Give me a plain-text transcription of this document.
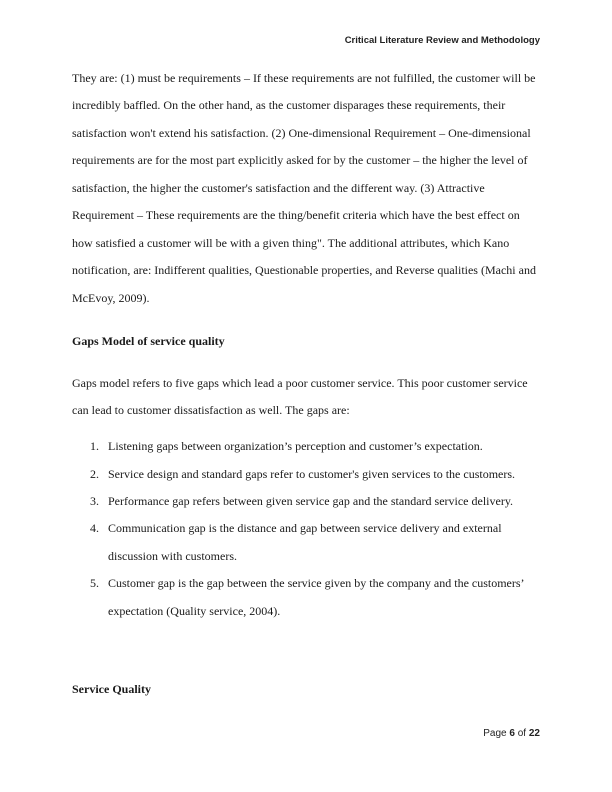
Critical Literature Review and Methodology
They are: (1) must be requirements – If these requirements are not fulfilled, the customer will be
incredibly baffled. On the other hand, as the customer disparages these requirements, their
satisfaction won't extend his satisfaction. (2) One-dimensional Requirement – One-dimensional
requirements are for the most part explicitly asked for by the customer – the higher the level of
satisfaction, the higher the customer's satisfaction and the different way. (3) Attractive
Requirement – These requirements are the thing/benefit criteria which have the best effect on
how satisfied a customer will be with a given thing". The additional attributes, which Kano
notification, are: Indifferent qualities, Questionable properties, and Reverse qualities (Machi and
McEvoy, 2009).
Gaps Model of service quality
Gaps model refers to five gaps which lead a poor customer service. This poor customer service
can lead to customer dissatisfaction as well. The gaps are:
1. Listening gaps between organization’s perception and customer’s expectation.
2. Service design and standard gaps refer to customer's given services to the customers.
3. Performance gap refers between given service gap and the standard service delivery.
4. Communication gap is the distance and gap between service delivery and external
discussion with customers.
5. Customer gap is the gap between the service given by the company and the customers’
expectation (Quality service, 2004).
Service Quality
Page 6 of 22
